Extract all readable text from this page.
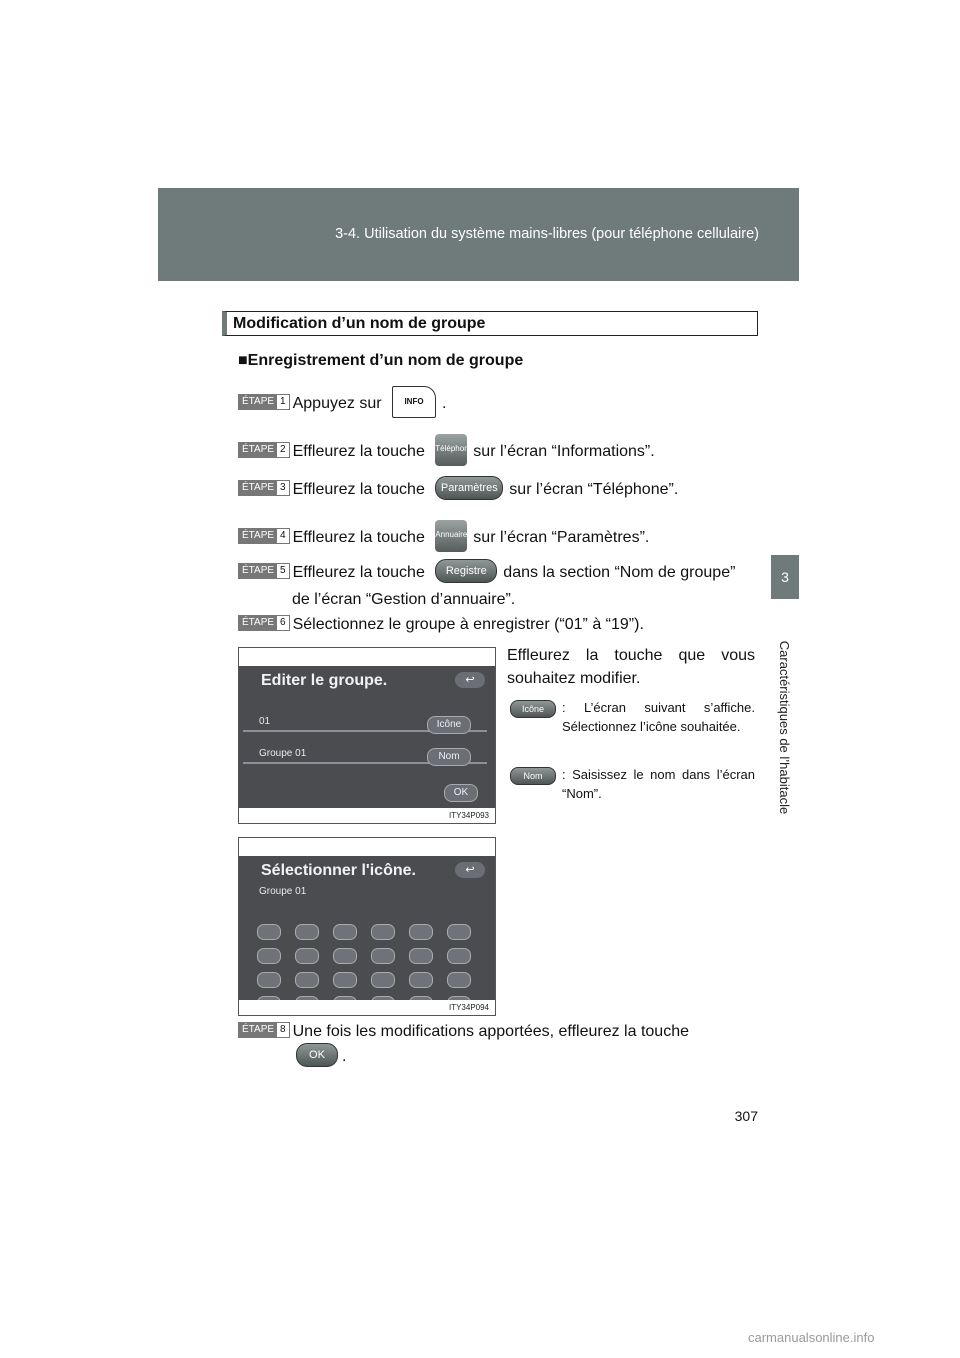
3-4. Utilisation du système mains-libres (pour téléphone cellulaire)
3
Caractéristiques de l’habitacle
Modification d’un nom de groupe
■Enregistrement d’un nom de groupe
ÉTAPE 1 Appuyez sur	INFO .
ÉTAPE 2 Effleurez la touche Téléphonesur l’écran “Informations”.
ÉTAPE 3 Effleurez la touche Paramètres sur l’écran “Téléphone”.
ÉTAPE 4 Effleurez la touche Annuaire sur l’écran “Paramètres”.
ÉTAPE 5 Effleurez la touche Registre dans la section “Nom de groupe”
de l’écran “Gestion d’annuaire”.
ÉTAPE 6 Sélectionnez le groupe à enregistrer (“01” à “19”).
Editer le groupe.	↩
01	Icône
Groupe 01	Nom
OK
ITY34P093
Effleurez la touche que vous souhaitez modifier.
Icône	: L’écran suivant s’affiche. Sélectionnez l’icône souhaitée.
Nom	: Saisissez le nom dans l’écran “Nom”.
Sélectionner l'icône.	↩
Groupe 01
ITY34P094
ÉTAPE 8 Une fois les modifications apportées, effleurez la touche
OK .
307
carmanualsonline.info
